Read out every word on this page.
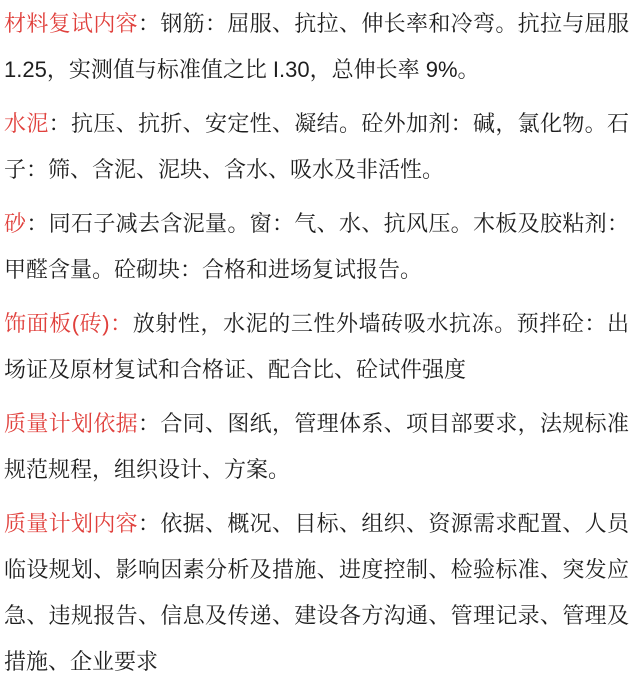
材料复试内容：钢筋：屈服、抗拉、伸长率和冷弯。抗拉与屈服 1.25，实测值与标准值之比 I.30，总伸长率 9%。

水泥：抗压、抗折、安定性、凝结。砼外加剂：碱，氯化物。石子：筛、含泥、泥块、含水、吸水及非活性。

砂：同石子减去含泥量。窗：气、水、抗风压。木板及胶粘剂：甲醛含量。砼砌块：合格和进场复试报告。

饰面板(砖)：放射性，水泥的三性外墙砖吸水抗冻。预拌砼：出场证及原材复试和合格证、配合比、砼试件强度

质量计划依据：合同、图纸，管理体系、项目部要求，法规标准规范规程，组织设计、方案。

质量计划内容：依据、概况、目标、组织、资源需求配置、人员临设规划、影响因素分析及措施、进度控制、检验标准、突发应急、违规报告、信息及传递、建设各方沟通、管理记录、管理及措施、企业要求
